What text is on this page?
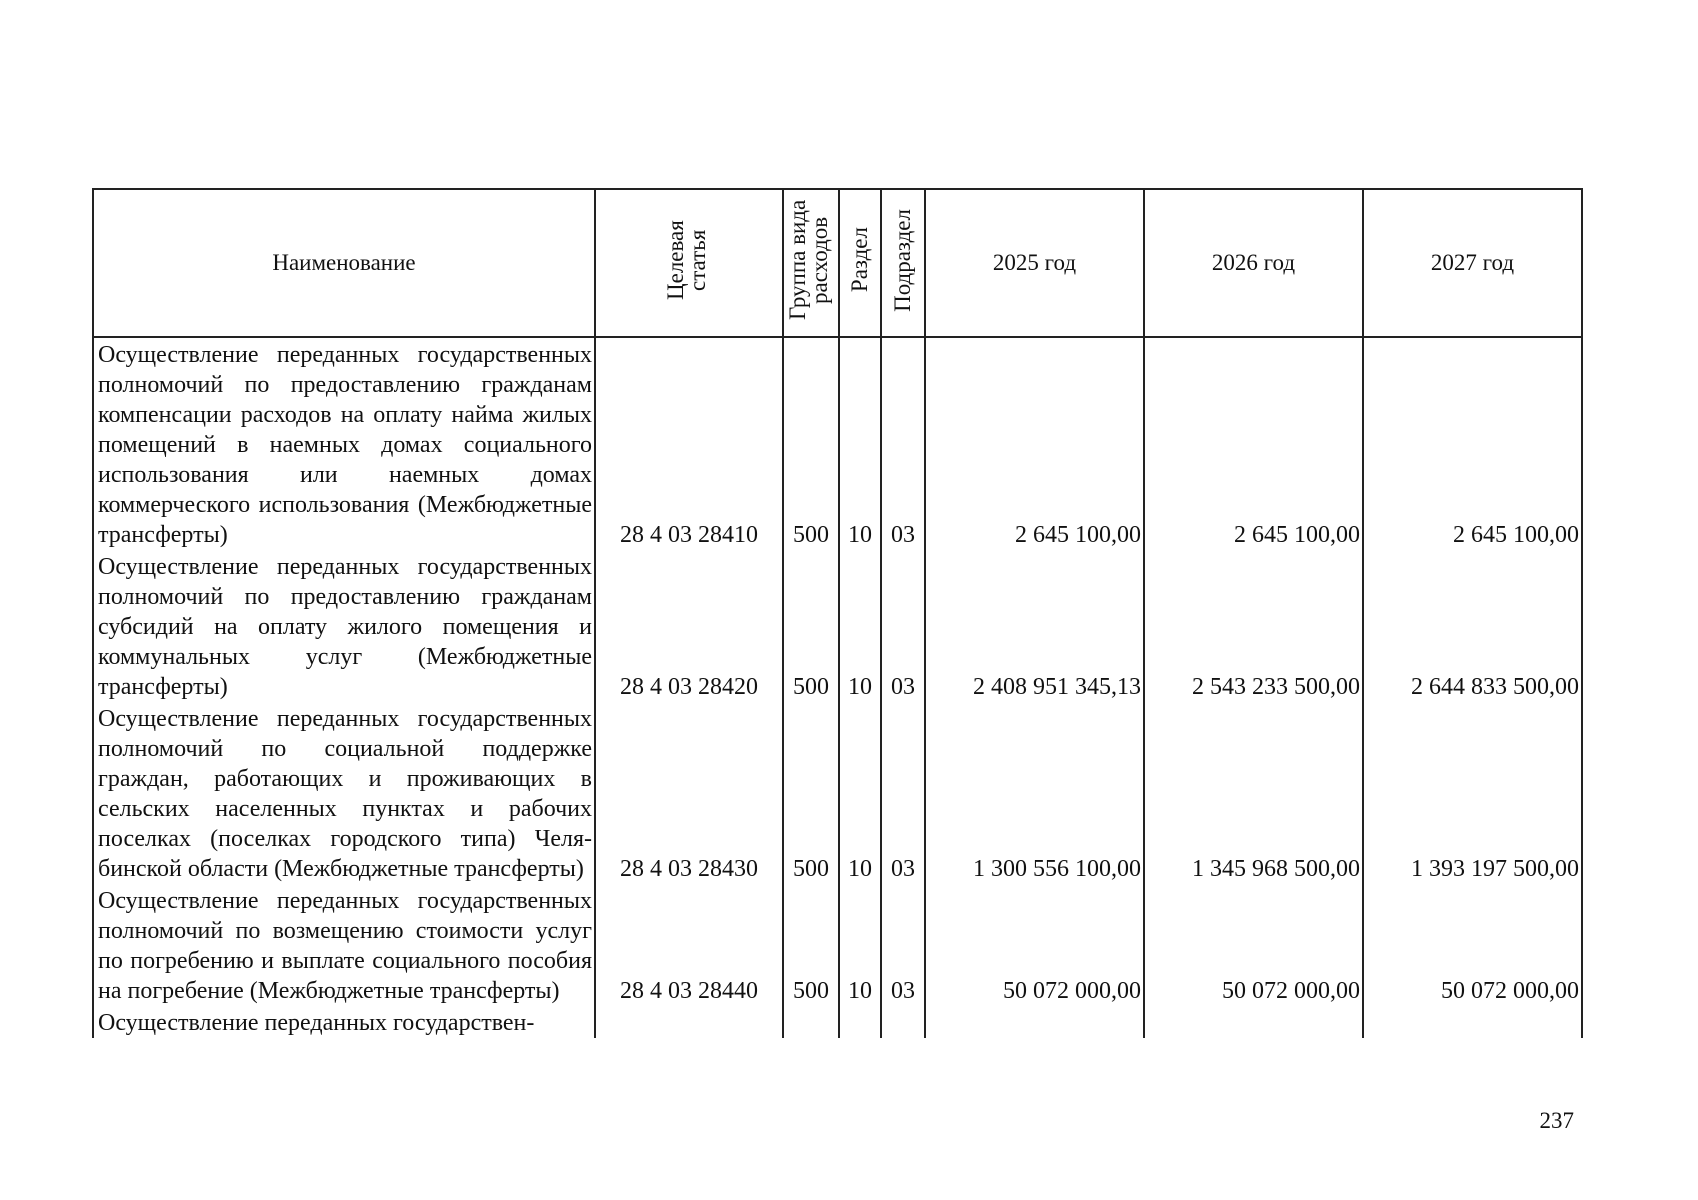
Наименование	Целевая статья	Группа вида расходов	Раздел	Подраздел	2025 год	2026 год	2027 год
Осуществление переданных государственных полномочий по предоставлению гражданам компенсации расходов на оплату найма жилых помещений в наемных домах социального использования или наемных домах коммерческого использования (Межбюджетные трансферты)	28 4 03 28410	500	10	03	2 645 100,00	2 645 100,00	2 645 100,00
Осуществление переданных государственных полномочий по предоставлению гражданам субсидий на оплату жилого помещения и коммунальных услуг (Межбюджетные трансферты)	28 4 03 28420	500	10	03	2 408 951 345,13	2 543 233 500,00	2 644 833 500,00
Осуществление переданных государственных полномочий по социальной поддержке граждан, работающих и проживающих в сельских населенных пунктах и рабочих поселках (поселках городского типа) Челябинской области (Межбюджетные трансферты)	28 4 03 28430	500	10	03	1 300 556 100,00	1 345 968 500,00	1 393 197 500,00
Осуществление переданных государственных полномочий по возмещению стоимости услуг по погребению и выплате социального пособия на погребение (Межбюджетные трансферты)	28 4 03 28440	500	10	03	50 072 000,00	50 072 000,00	50 072 000,00
Осуществление переданных государствен-							
237
